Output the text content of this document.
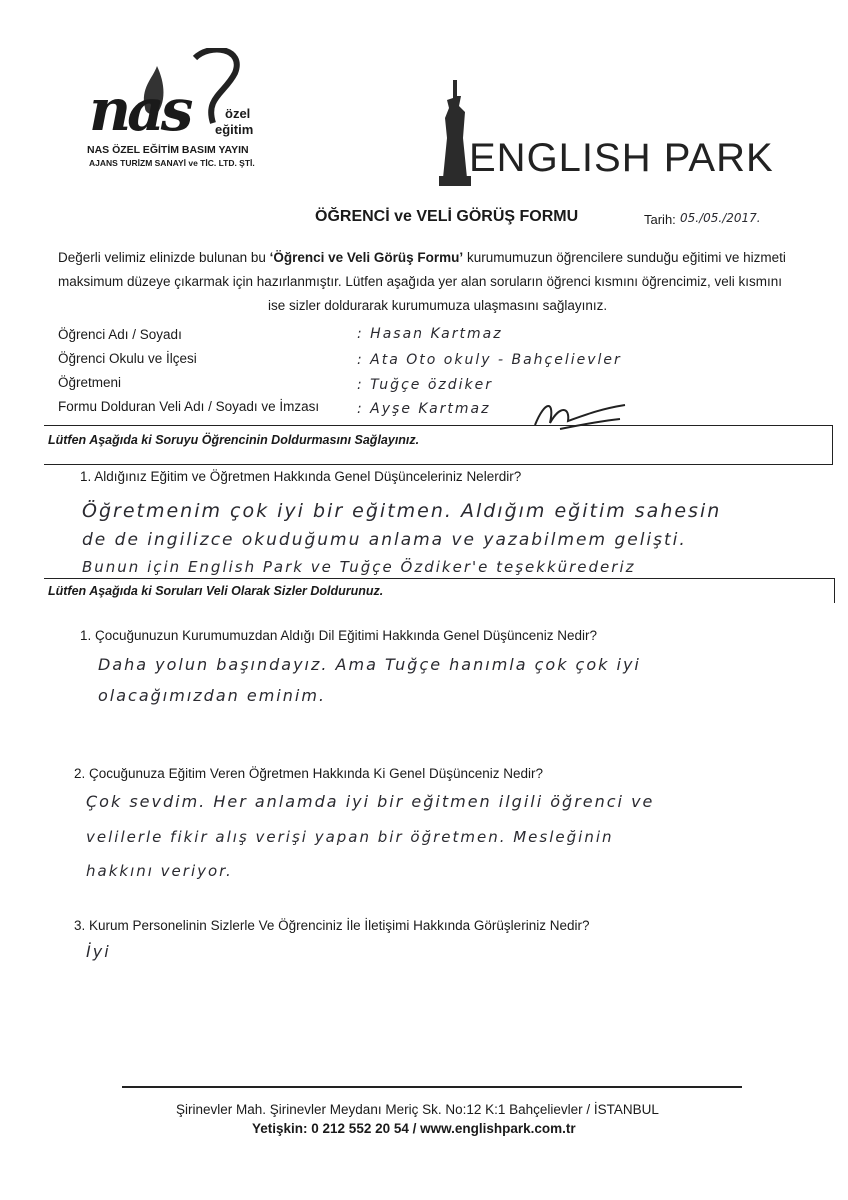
nas	özel
eğitim
NAS ÖZEL EĞİTİM BASIM YAYIN
AJANS TURİZM SANAYİ ve TİC. LTD. ŞTİ.	ENGLISH PARK
ÖĞRENCİ ve VELİ GÖRÜŞ FORMU	Tarih: 05./05./2017.
Değerli velimiz elinizde bulunan bu ‘Öğrenci ve Veli Görüş Formu’ kurumumuzun öğrencilere sunduğu eğitimi ve hizmeti
maksimum düzeye çıkarmak için hazırlanmıştır. Lütfen aşağıda yer alan soruların öğrenci kısmını öğrencimiz, veli kısmını
ise sizler doldurarak kurumumuza ulaşmasını sağlayınız.
Öğrenci Adı / Soyadı	: Hasan Kartmaz
Öğrenci Okulu ve İlçesi	: Ata Oto okuly - Bahçelievler
Öğretmeni	: Tuğçe özdiker
Formu Dolduran Veli Adı / Soyadı ve İmzası	: Ayşe Kartmaz
Lütfen Aşağıda ki Soruyu Öğrencinin Doldurmasını Sağlayınız.
1. Aldığınız Eğitim ve Öğretmen Hakkında Genel Düşünceleriniz Nelerdir?
Öğretmenim çok iyi bir eğitmen. Aldığım eğitim sahesin
de de ingilizce okuduğumu anlama ve yazabilmem gelişti.
Bunun için English Park ve Tuğçe Özdiker'e teşekkürederiz
Lütfen Aşağıda ki Soruları Veli Olarak Sizler Doldurunuz.
1. Çocuğunuzun Kurumumuzdan Aldığı Dil Eğitimi Hakkında Genel Düşünceniz Nedir?
Daha yolun başındayız. Ama Tuğçe hanımla çok çok iyi
olacağımızdan eminim.
2. Çocuğunuza Eğitim Veren Öğretmen Hakkında Ki Genel Düşünceniz Nedir?
Çok sevdim. Her anlamda iyi bir eğitmen ilgili öğrenci ve
velilerle fikir alış verişi yapan bir öğretmen. Mesleğinin
hakkını veriyor.
3. Kurum Personelinin Sizlerle Ve Öğrenciniz İle İletişimi Hakkında Görüşleriniz Nedir?
İyi
Şirinevler Mah. Şirinevler Meydanı Meriç Sk. No:12 K:1 Bahçelievler / İSTANBUL
Yetişkin: 0 212 552 20 54 / www.englishpark.com.tr
